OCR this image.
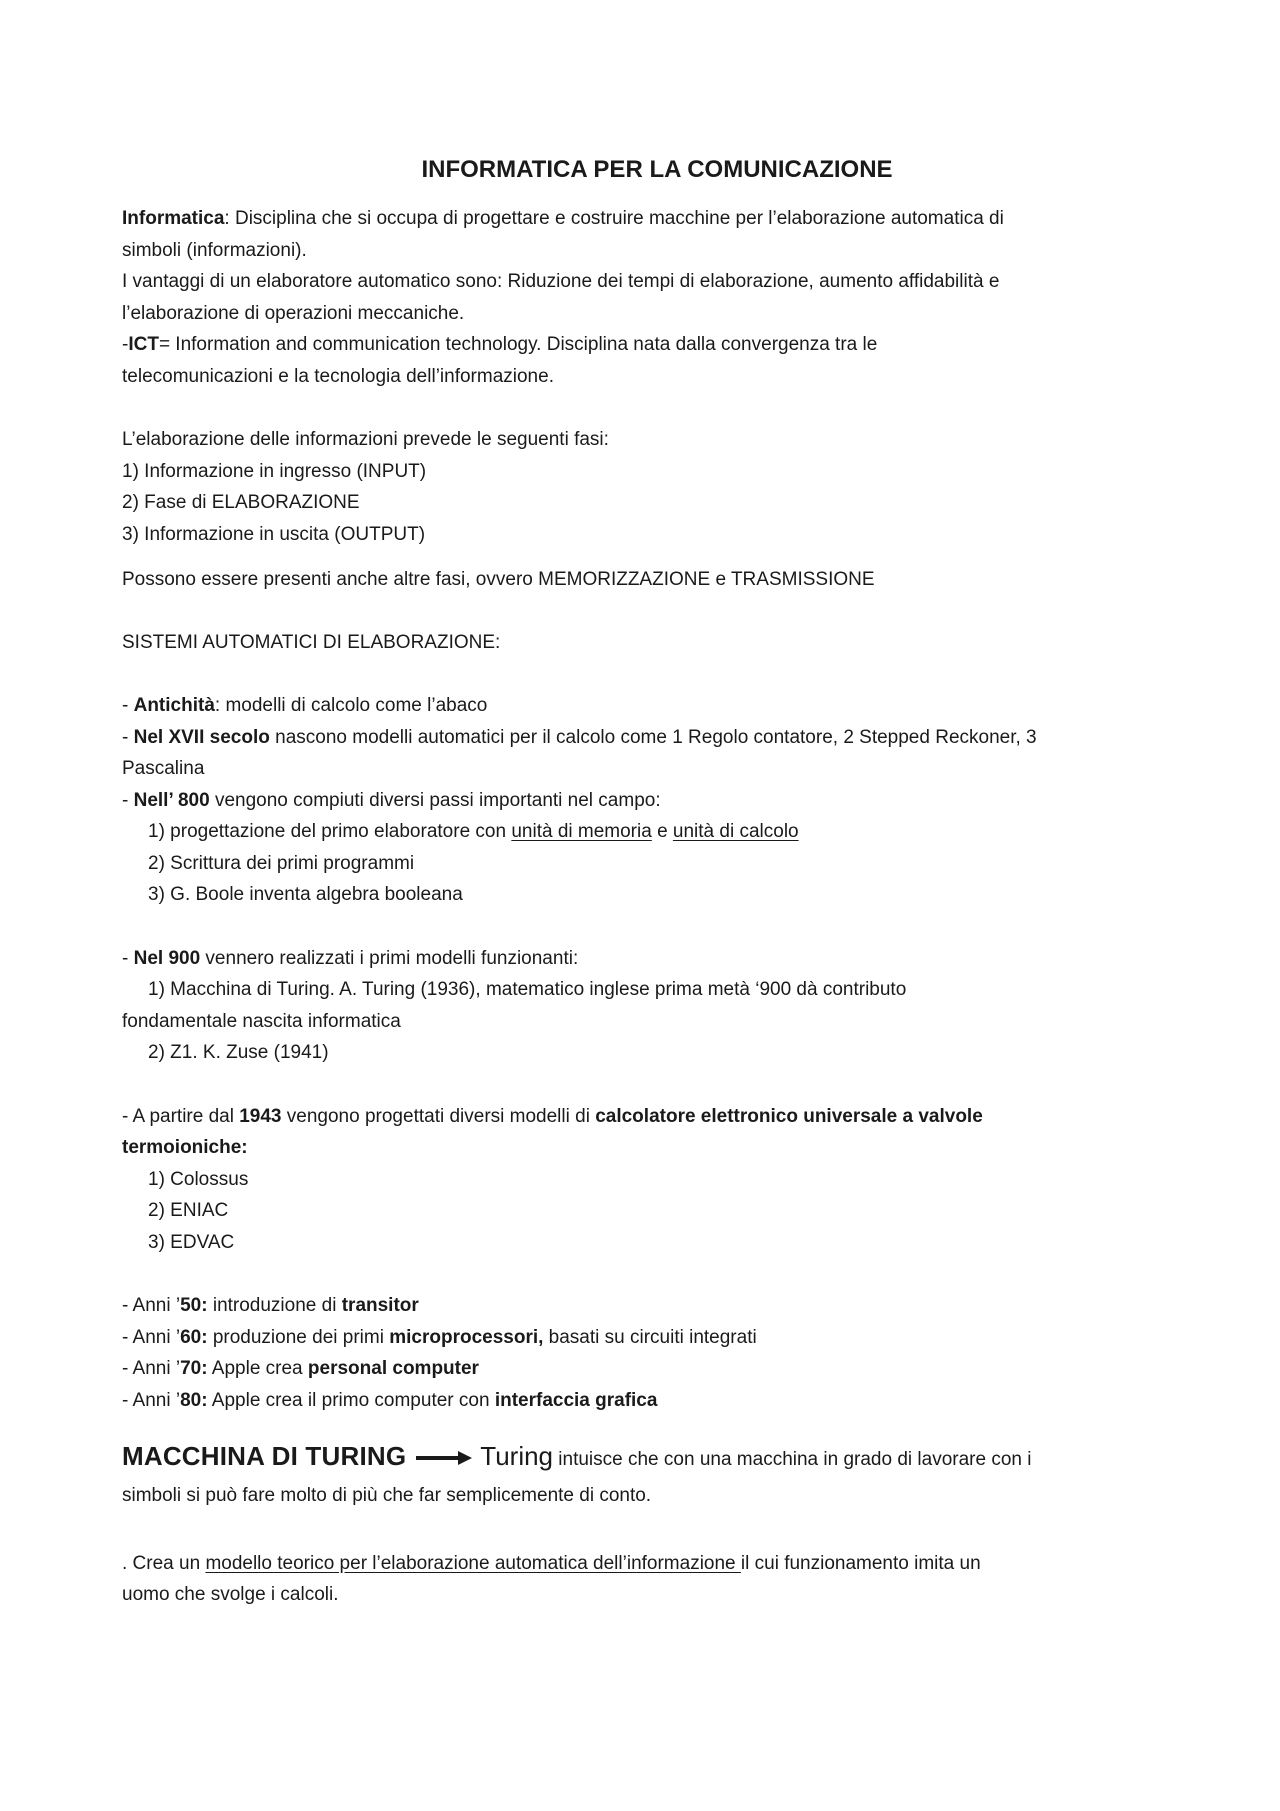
INFORMATICA PER LA COMUNICAZIONE

Informatica: Disciplina che si occupa di progettare e costruire macchine per l’elaborazione automatica di

simboli (informazioni).

I vantaggi di un elaboratore automatico sono: Riduzione dei tempi di elaborazione, aumento affidabilità e

l’elaborazione di operazioni meccaniche.

-ICT= Information and communication technology. Disciplina nata dalla convergenza tra le

telecomunicazioni e la tecnologia dell’informazione.

L’elaborazione delle informazioni prevede le seguenti fasi:

1) Informazione in ingresso (INPUT)

2) Fase di ELABORAZIONE

3) Informazione in uscita (OUTPUT)

Possono essere presenti anche altre fasi, ovvero MEMORIZZAZIONE e TRASMISSIONE

SISTEMI AUTOMATICI DI ELABORAZIONE:

- Antichità: modelli di calcolo come l’abaco

- Nel XVII secolo nascono modelli automatici per il calcolo come 1 Regolo contatore, 2 Stepped Reckoner, 3

Pascalina

- Nell’ 800 vengono compiuti diversi passi importanti nel campo:

1) progettazione del primo elaboratore con unità di memoria e unità di calcolo

2) Scrittura dei primi programmi

3) G. Boole inventa algebra booleana

- Nel 900 vennero realizzati i primi modelli funzionanti:

1) Macchina di Turing. A. Turing (1936), matematico inglese prima metà ‘900 dà contributo

fondamentale nascita informatica

2) Z1. K. Zuse (1941)

- A partire dal 1943 vengono progettati diversi modelli di calcolatore elettronico universale a valvole

termoioniche:

1) Colossus

2) ENIAC

3) EDVAC

- Anni ’50: introduzione di transitor

- Anni ’60: produzione dei primi microprocessori, basati su circuiti integrati

- Anni ’70: Apple crea personal computer

- Anni ’80: Apple crea il primo computer con interfaccia grafica

MACCHINA DI TURING	Turing intuisce che con una macchina in grado di lavorare con i

simboli si può fare molto di più che far semplicemente di conto.

. Crea un modello teorico per l’elaborazione automatica dell’informazione il cui funzionamento imita un

uomo che svolge i calcoli.
